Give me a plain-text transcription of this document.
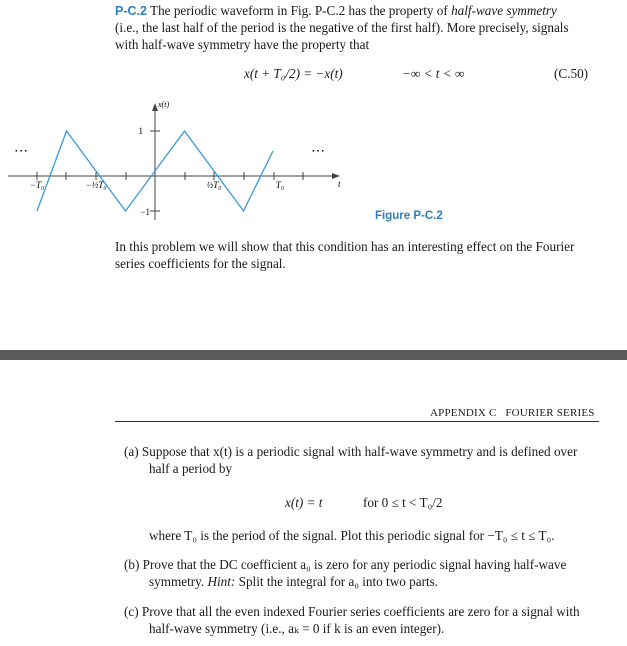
P-C.2 The periodic waveform in Fig. P-C.2 has the property of half-wave symmetry
(i.e., the last half of the period is the negative of the first half). More precisely, signals
with half-wave symmetry have the property that
x(t + T₀/2) = −x(t)	−∞ < t < ∞	(C.50)
x(t)
1
−1
−T₀	−½T₀	½T₀	T₀	t
⋯	⋯
Figure P-C.2
In this problem we will show that this condition has an interesting effect on the Fourier
series coefficients for the signal.
APPENDIX C   FOURIER SERIES
(a) Suppose that x(t) is a periodic signal with half-wave symmetry and is defined over
half a period by
x(t) = t	for 0 ≤ t < T₀/2
where T₀ is the period of the signal. Plot this periodic signal for −T₀ ≤ t ≤ T₀.
(b) Prove that the DC coefficient a₀ is zero for any periodic signal having half-wave
symmetry. Hint: Split the integral for a₀ into two parts.
(c) Prove that all the even indexed Fourier series coefficients are zero for a signal with
half-wave symmetry (i.e., aₖ = 0 if k is an even integer).
